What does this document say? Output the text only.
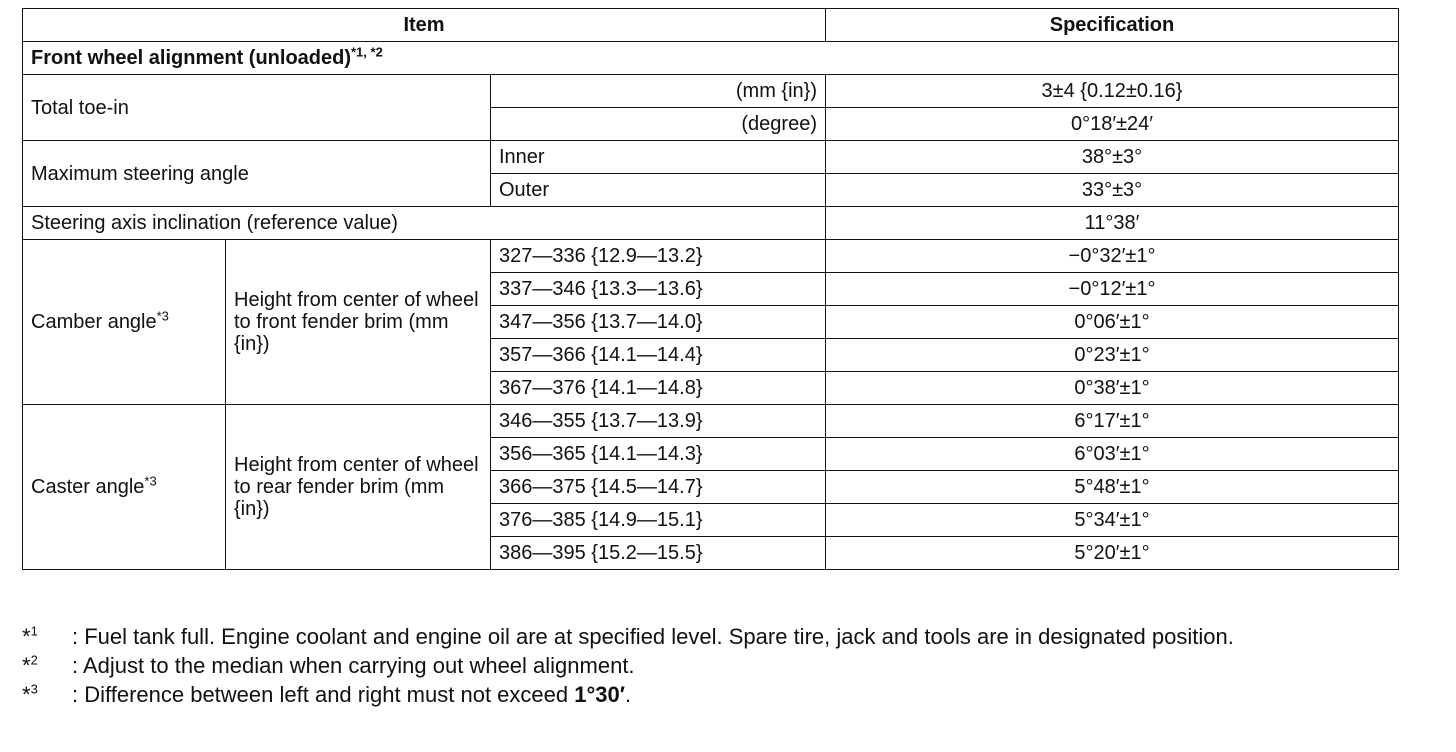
Item			Specification
Front wheel alignment (unloaded)$^{*1, *2}$
Total toe-in		(mm {in})	3±4 {0.12±0.16}
		(degree)	0°18′±24′
Maximum steering angle		Inner	38°±3°
		Outer	33°±3°
Steering axis inclination (reference value)			11°38′
Camber angle$^{*3}$	Height from center of wheel to front fender brim (mm {in})	327—336 {12.9—13.2}	−0°32′±1°
		337—346 {13.3—13.6}	−0°12′±1°
		347—356 {13.7—14.0}	0°06′±1°
		357—366 {14.1—14.4}	0°23′±1°
		367—376 {14.1—14.8}	0°38′±1°
Caster angle$^{*3}$	Height from center of wheel to rear fender brim (mm {in})	346—355 {13.7—13.9}	6°17′±1°
		356—365 {14.1—14.3}	6°03′±1°
		366—375 {14.5—14.7}	5°48′±1°
		376—385 {14.9—15.1}	5°34′±1°
		386—395 {15.2—15.5}	5°20′±1°
*$^1$	: Fuel tank full. Engine coolant and engine oil are at specified level. Spare tire, jack and tools are in designated position.
*$^2$	: Adjust to the median when carrying out wheel alignment.
*$^3$	: Difference between left and right must not exceed 1°30′.
